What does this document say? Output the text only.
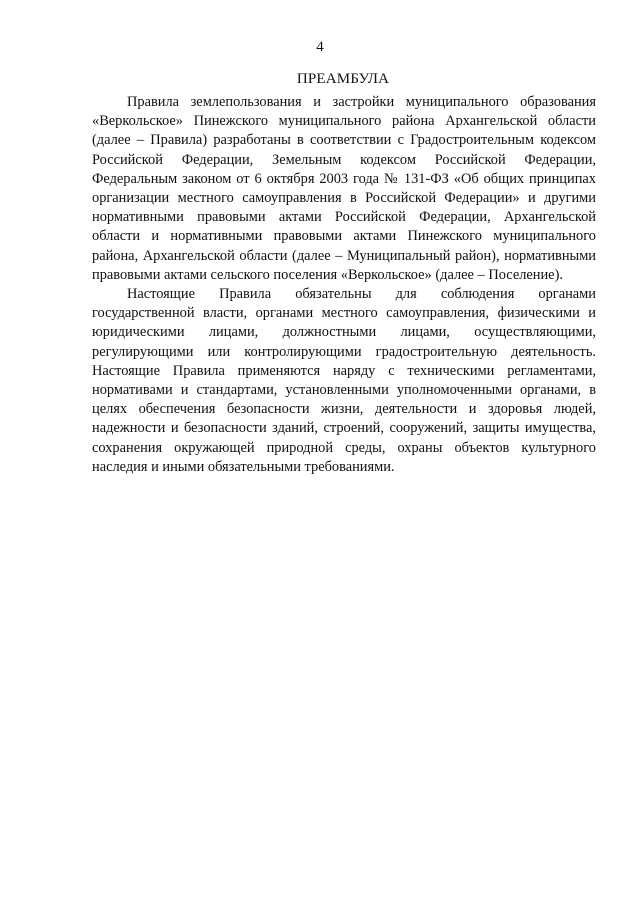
4
ПРЕАМБУЛА

Правила землепользования и застройки муниципального образования «Веркольское» Пинежского муниципального района Архангельской области (далее – Правила) разработаны в соответствии с Градостроительным кодексом Российской Федерации, Земельным кодексом Российской Федерации, Федеральным законом от 6 октября 2003 года № 131-ФЗ «Об общих принципах организации местного самоуправления в Российской Федерации» и другими нормативными правовыми актами Российской Федерации, Архангельской области и нормативными правовыми актами Пинежского муниципального района, Архангельской области (далее – Муниципальный район), нормативными правовыми актами сельского поселения «Веркольское» (далее – Поселение).

Настоящие Правила обязательны для соблюдения органами государственной власти, органами местного самоуправления, физическими и юридическими лицами, должностными лицами, осуществляющими, регулирующими или контролирующими градостроительную деятельность. Настоящие Правила применяются наряду с техническими регламентами, нормативами и стандартами, установленными уполномоченными органами, в целях обеспечения безопасности жизни, деятельности и здоровья людей, надежности и безопасности зданий, строений, сооружений, защиты имущества, сохранения окружающей природной среды, охраны объектов культурного наследия и иными обязательными требованиями.
